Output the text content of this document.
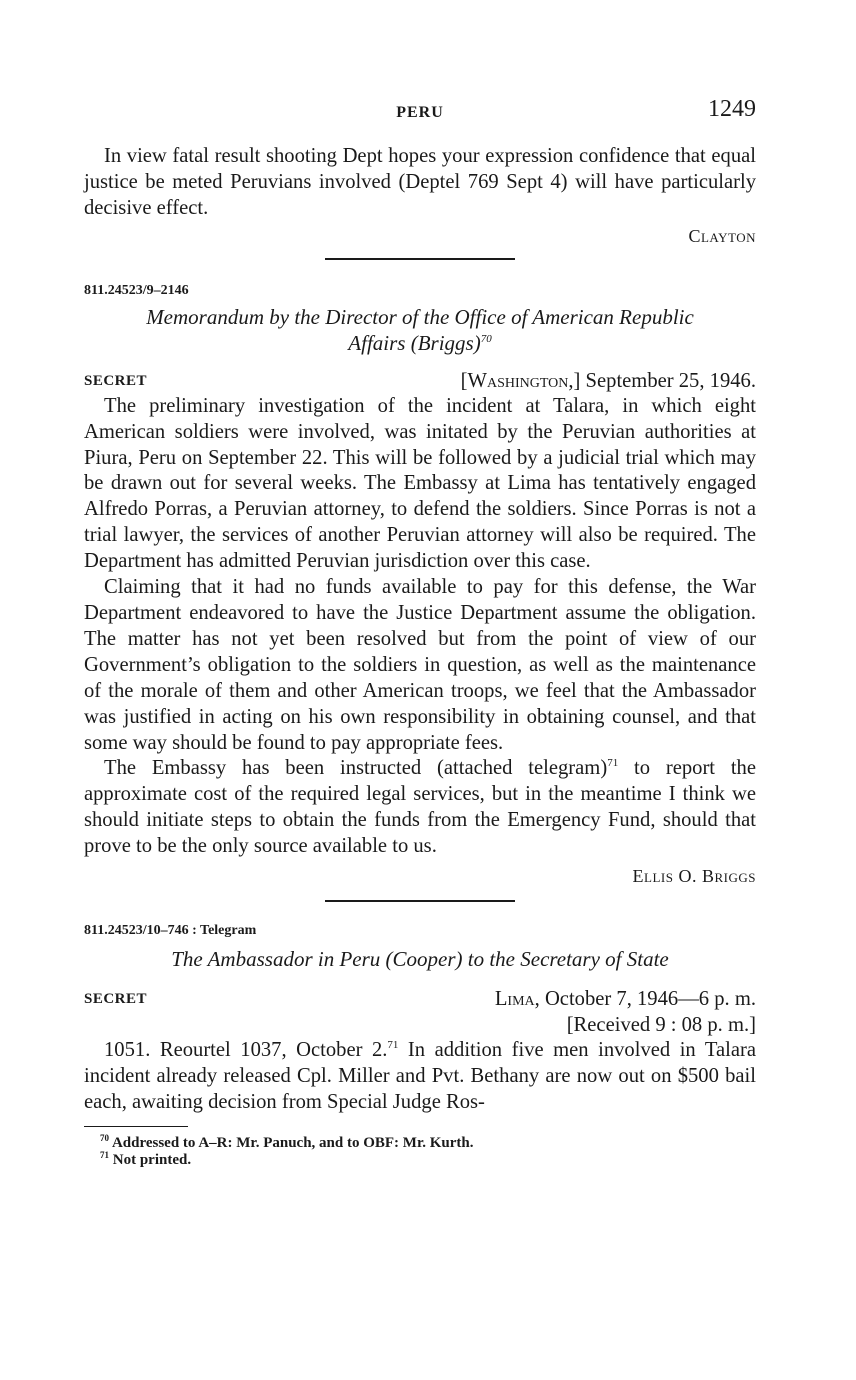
PERU	1249

In view fatal result shooting Dept hopes your expression confidence that equal justice be meted Peruvians involved (Deptel 769 Sept 4) will have particularly decisive effect.

Clayton
811.24523/9–2146
Memorandum by the Director of the Office of American Republic
Affairs (Briggs)$^{70}$
SECRET	[Washington,] September 25, 1946.

The preliminary investigation of the incident at Talara, in which eight American soldiers were involved, was initated by the Peruvian authorities at Piura, Peru on September 22. This will be followed by a judicial trial which may be drawn out for several weeks. The Embassy at Lima has tentatively engaged Alfredo Porras, a Peruvian attorney, to defend the soldiers. Since Porras is not a trial lawyer, the services of another Peruvian attorney will also be required. The Department has admitted Peruvian jurisdiction over this case.

Claiming that it had no funds available to pay for this defense, the War Department endeavored to have the Justice Department assume the obligation. The matter has not yet been resolved but from the point of view of our Government’s obligation to the soldiers in question, as well as the maintenance of the morale of them and other American troops, we feel that the Ambassador was justified in acting on his own responsibility in obtaining counsel, and that some way should be found to pay appropriate fees.

The Embassy has been instructed (attached telegram)$^{71}$ to report the approximate cost of the required legal services, but in the meantime I think we should initiate steps to obtain the funds from the Emergency Fund, should that prove to be the only source available to us.

Ellis O. Briggs
811.24523/10–746 : Telegram
The Ambassador in Peru (Cooper) to the Secretary of State
SECRET	Lima, October 7, 1946—6 p. m.
[Received 9 : 08 p. m.]

1051. Reourtel 1037, October 2.71 In addition five men involved in Talara incident already released Cpl. Miller and Pvt. Bethany are now out on $500 bail each, awaiting decision from Special Judge Ros-

$^{70}$ Addressed to A–R: Mr. Panuch, and to OBF: Mr. Kurth.
$^{71}$ Not printed.
